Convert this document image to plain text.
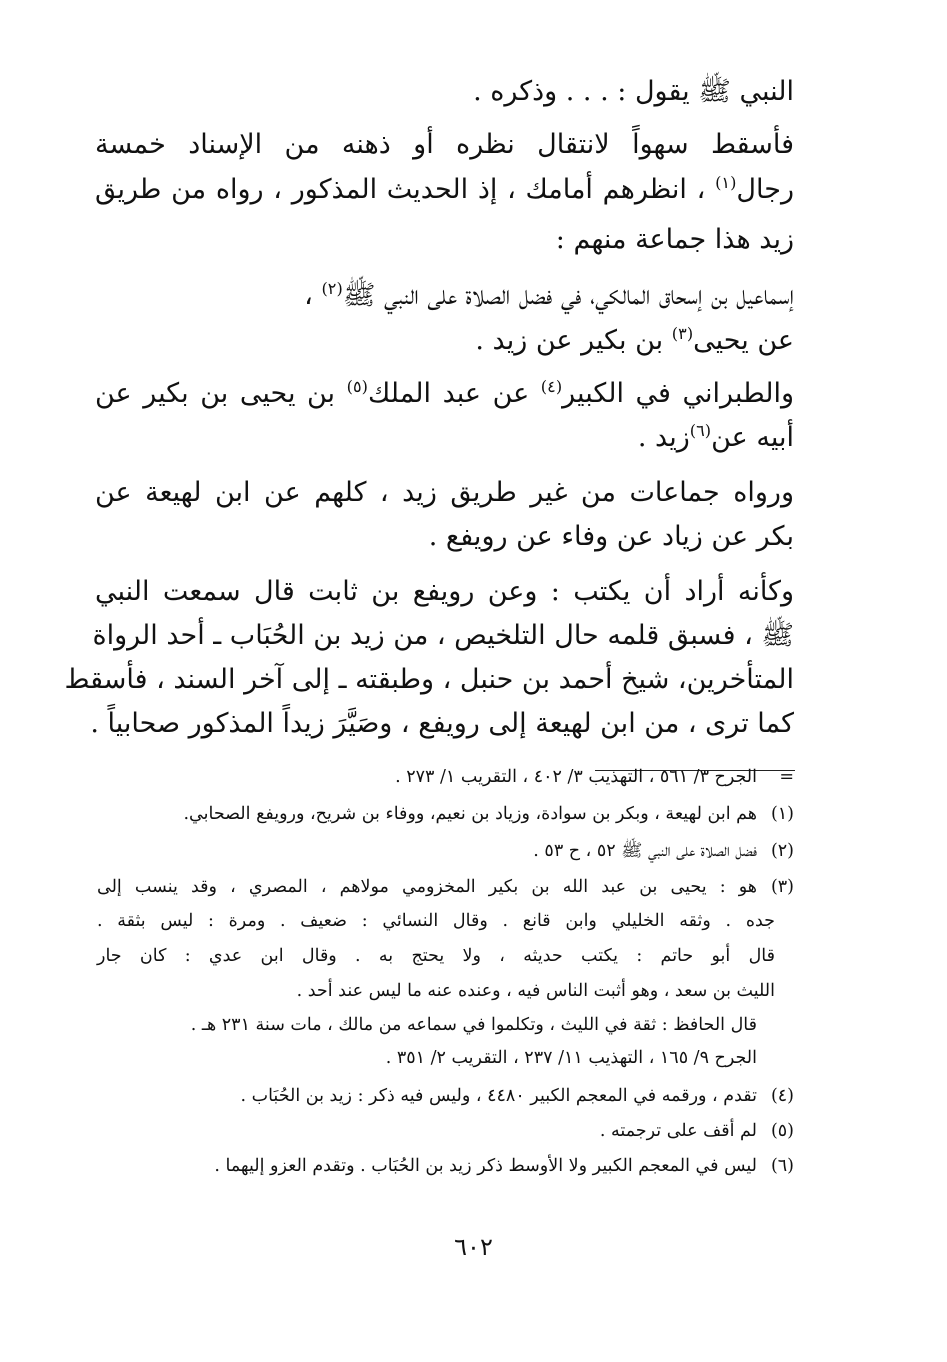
النبي ﷺ يقول : . . . وذكره .
فأسقط سهواً لانتقال نظره أو ذهنه من الإسناد خمسة
رجال$^{(١)}$ ، انظرهم أمامك ، إذ الحديث المذكور ، رواه من طريق
زيد هذا جماعة منهم :
إسماعيل بن إسحاق المالكي، في فضل الصلاة على النبي ﷺ$^{(٢)}$ ،
عن يحيى$^{(٣)}$ بن بكير عن زيد .
والطبراني في الكبير$^{(٤)}$ عن عبد الملك$^{(٥)}$ بن يحيى بن بكير عن
أبيه عن$^{(٦)}$زيد .
ورواه جماعات من غير طريق زيد ، كلهم عن ابن لهيعة عن
بكر عن زياد عن وفاء عن رويفع .
وكأنه أراد أن يكتب : وعن رويفع بن ثابت قال سمعت النبي
ﷺ ، فسبق قلمه حال التلخيص ، من زيد بن الحُبَاب ـ أحد الرواة
المتأخرين، شيخ أحمد بن حنبل ، وطبقته ـ إلى آخر السند ، فأسقط
كما ترى ، من ابن لهيعة إلى رويفع ، وصَيَّرَ زيداً المذكور صحابياً .
=
الجرح ٣/ ٥٦١ ، التهذيب ٣/ ٤٠٢ ، التقريب ١/ ٢٧٣ .
(١)
هم ابن لهيعة ، وبكر بن سوادة، وزياد بن نعيم، ووفاء بن شريح، ورويفع الصحابي.
(٢)
فضل الصلاة على النبي ﷺ ٥٢ ، ح ٥٣ .
(٣)
هو : يحيى بن عبد الله بن بكير المخزومي مولاهم ، المصري ، وقد ينسب إلى
جده . وثقه الخليلي وابن قانع . وقال النسائي : ضعيف . ومرة : ليس بثقة .
قال أبو حاتم : يكتب حديثه ، ولا يحتج به . وقال ابن عدي : كان جار
الليث بن سعد ، وهو أثبت الناس فيه ، وعنده عنه ما ليس عند أحد .
قال الحافظ : ثقة في الليث ، وتكلموا في سماعه من مالك ، مات سنة ٢٣١ هـ .
الجرح ٩/ ١٦٥ ، التهذيب ١١/ ٢٣٧ ، التقريب ٢/ ٣٥١ .
(٤)
تقدم ، ورقمه في المعجم الكبير ٤٤٨٠ ، وليس فيه ذكر : زيد بن الحُبَاب .
(٥)
لم أقف على ترجمته .
(٦)
ليس في المعجم الكبير ولا الأوسط ذكر زيد بن الحُبَاب . وتقدم العزو إليهما .
٦٠٢
